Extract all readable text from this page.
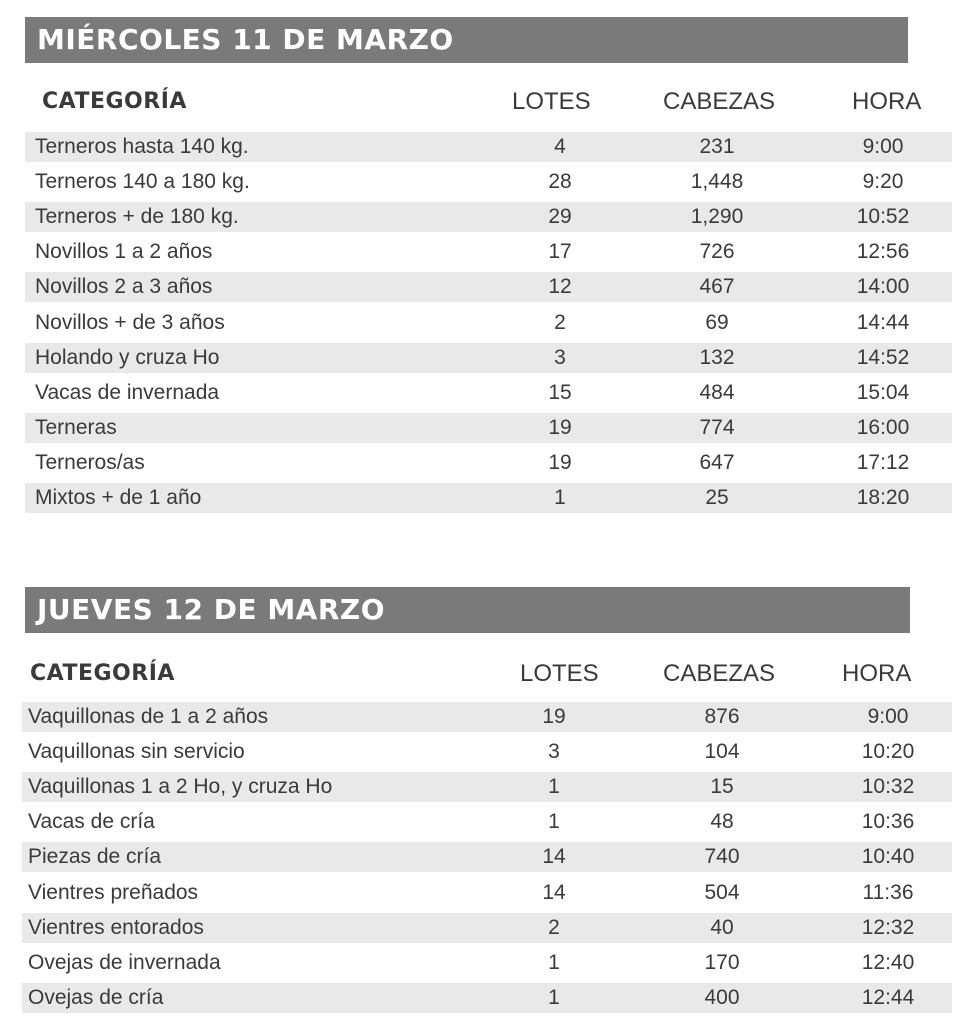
MIÉRCOLES 11 DE MARZO
CATEGORÍA	LOTES	CABEZAS	HORA
Terneros hasta 140 kg.	4	231	9:00
Terneros 140 a 180 kg.	28	1,448	9:20
Terneros + de 180 kg.	29	1,290	10:52
Novillos 1 a 2 años	17	726	12:56
Novillos 2 a 3 años	12	467	14:00
Novillos + de 3 años	2	69	14:44
Holando y cruza Ho	3	132	14:52
Vacas de invernada	15	484	15:04
Terneras	19	774	16:00
Terneros/as	19	647	17:12
Mixtos + de 1 año	1	25	18:20
JUEVES 12 DE MARZO
CATEGORÍA	LOTES	CABEZAS	HORA
Vaquillonas de 1 a 2 años	19	876	9:00
Vaquillonas sin servicio	3	104	10:20
Vaquillonas 1 a 2 Ho, y cruza Ho	1	15	10:32
Vacas de cría	1	48	10:36
Piezas de cría	14	740	10:40
Vientres preñados	14	504	11:36
Vientres entorados	2	40	12:32
Ovejas de invernada	1	170	12:40
Ovejas de cría	1	400	12:44
